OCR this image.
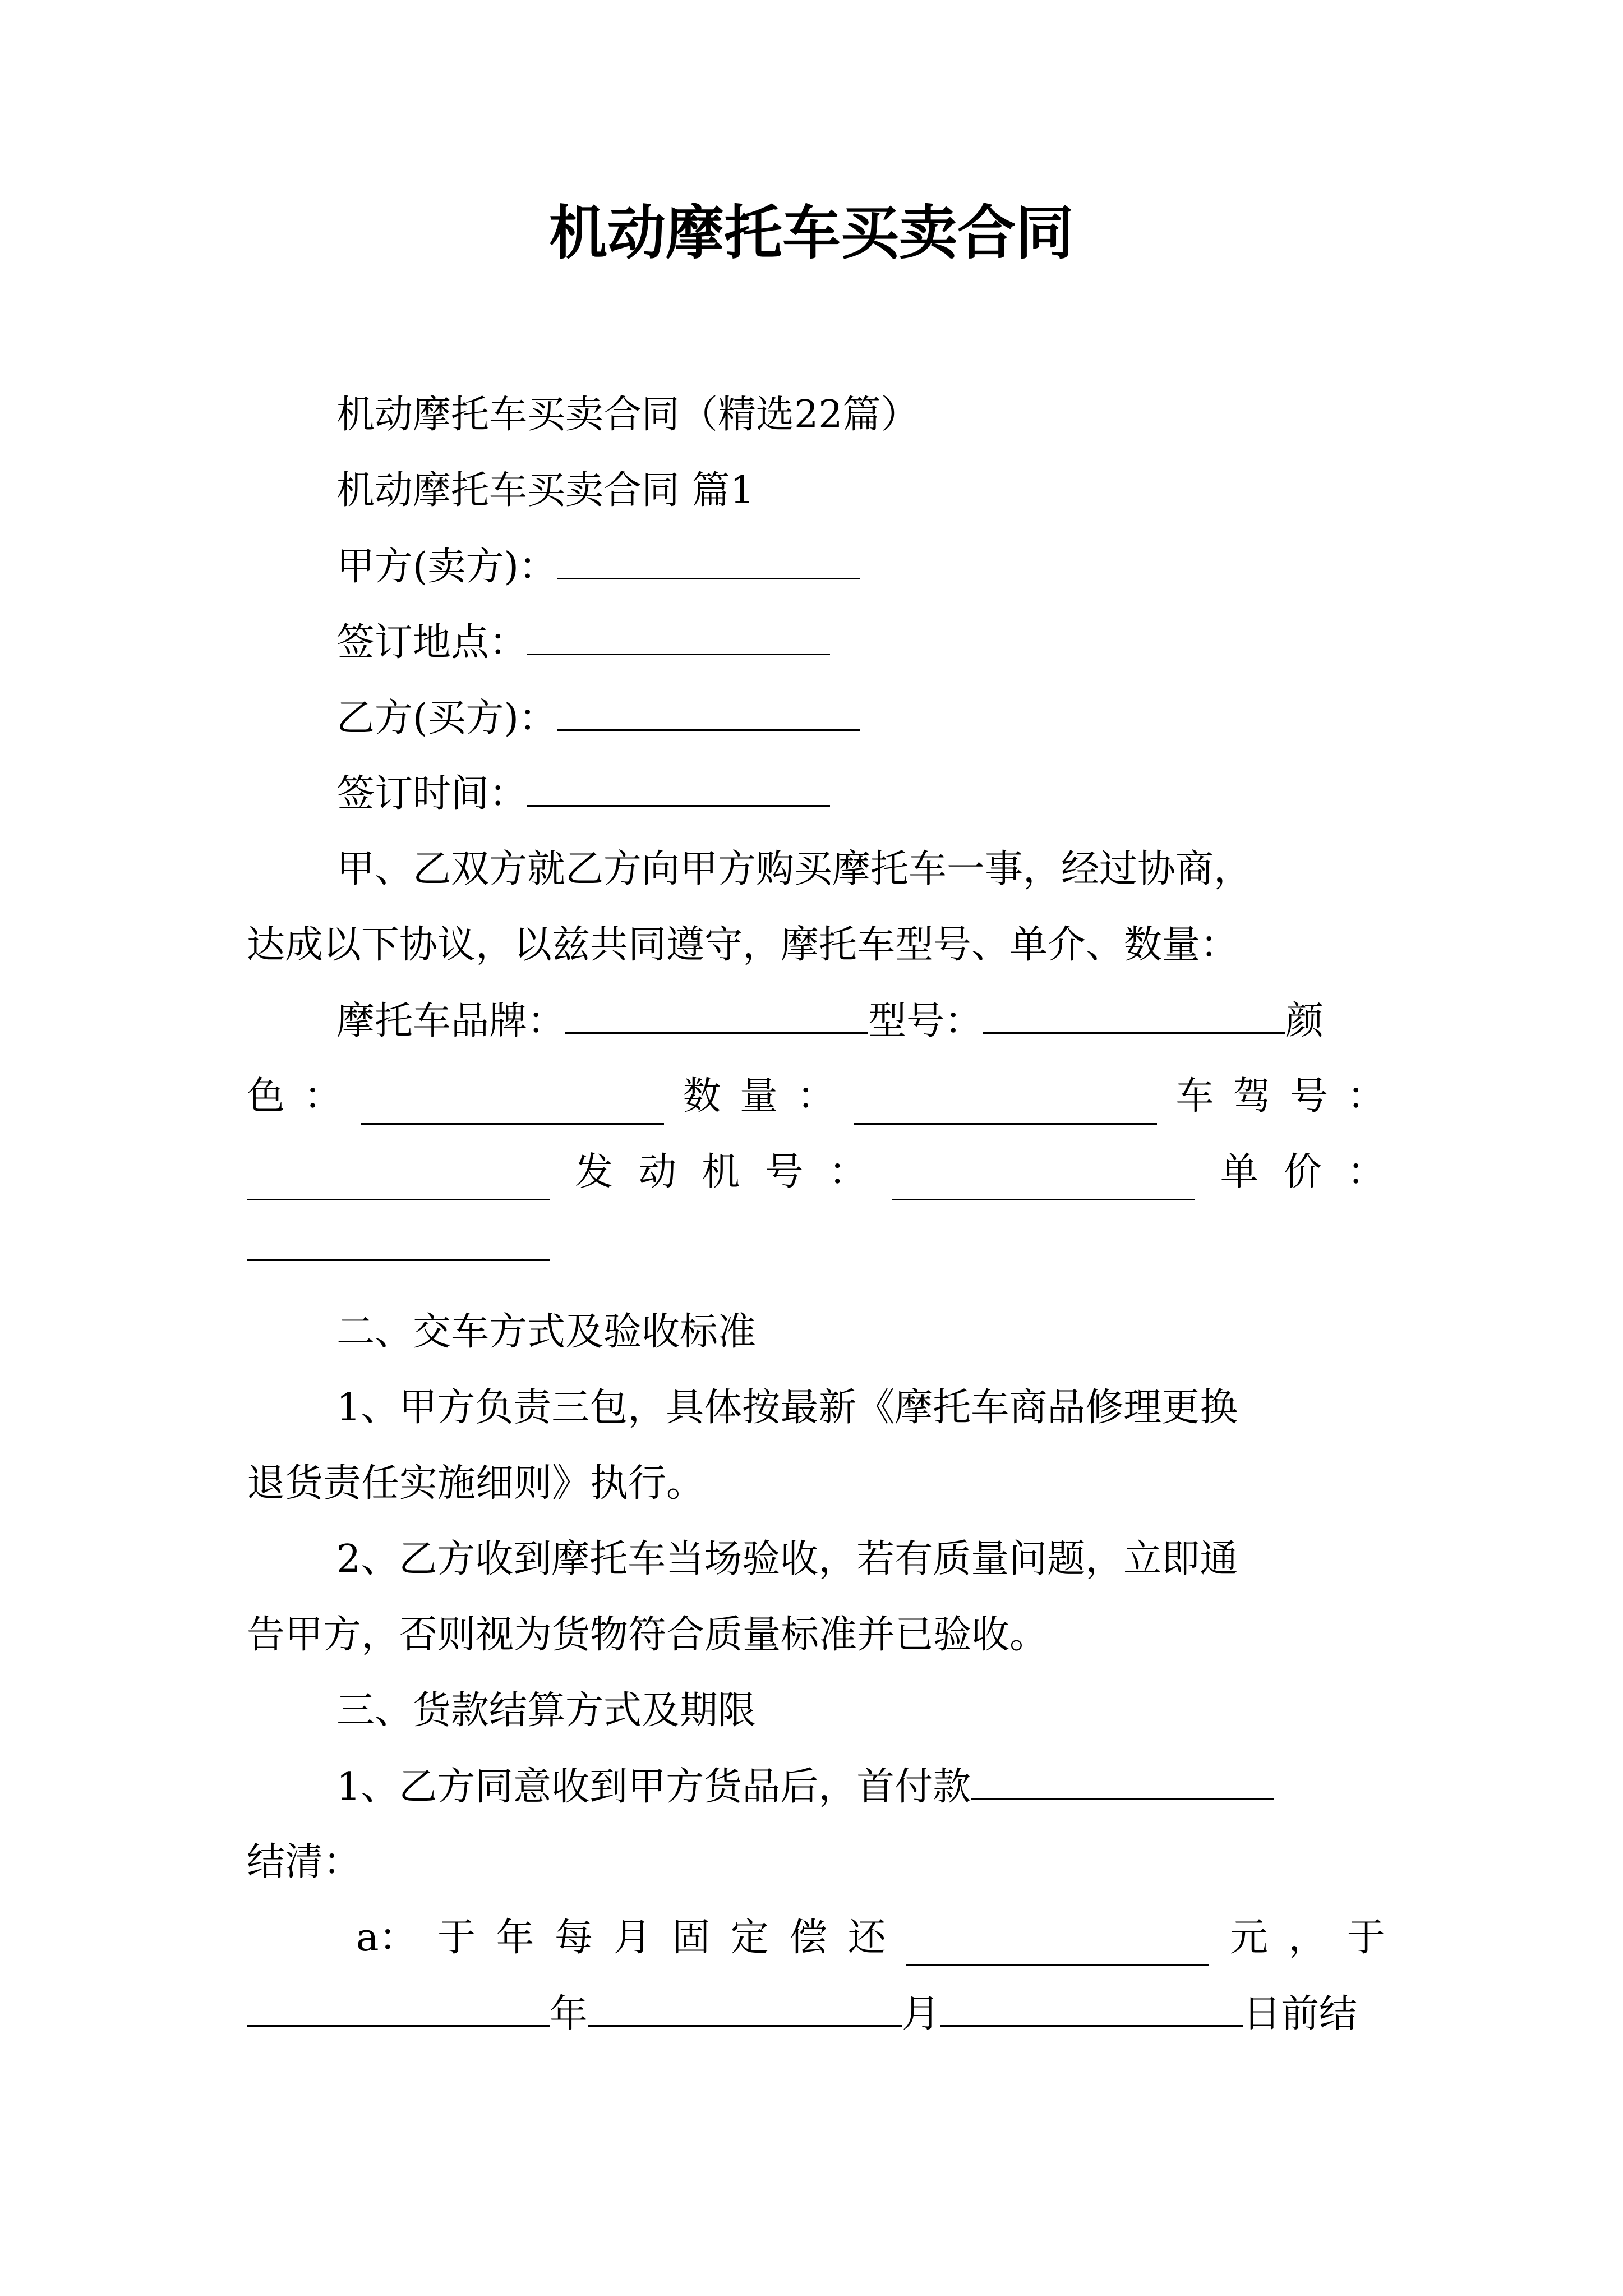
机动摩托车买卖合同
机动摩托车买卖合同（精选22篇）
机动摩托车买卖合同 篇1
甲方(卖方)：
签订地点：
乙方(买方)：
签订时间：
甲、乙双方就乙方向甲方购买摩托车一事，经过协商，
达成以下协议，以兹共同遵守，摩托车型号、单介、数量：
摩托车品牌：	型号：	颜
色 ：	数 量 ：	车 驾 号 ：
发 动 机 号 ：	单 价 ：
二、交车方式及验收标准
1、甲方负责三包，具体按最新《摩托车商品修理更换
退货责任实施细则》执行。
2、乙方收到摩托车当场验收，若有质量问题，立即通
告甲方，否则视为货物符合质量标准并已验收。
三、货款结算方式及期限
1、乙方同意收到甲方货品后，首付款
结清：
a： 于 年 每 月 固 定 偿 还	元 ， 于
年	月	日前结
